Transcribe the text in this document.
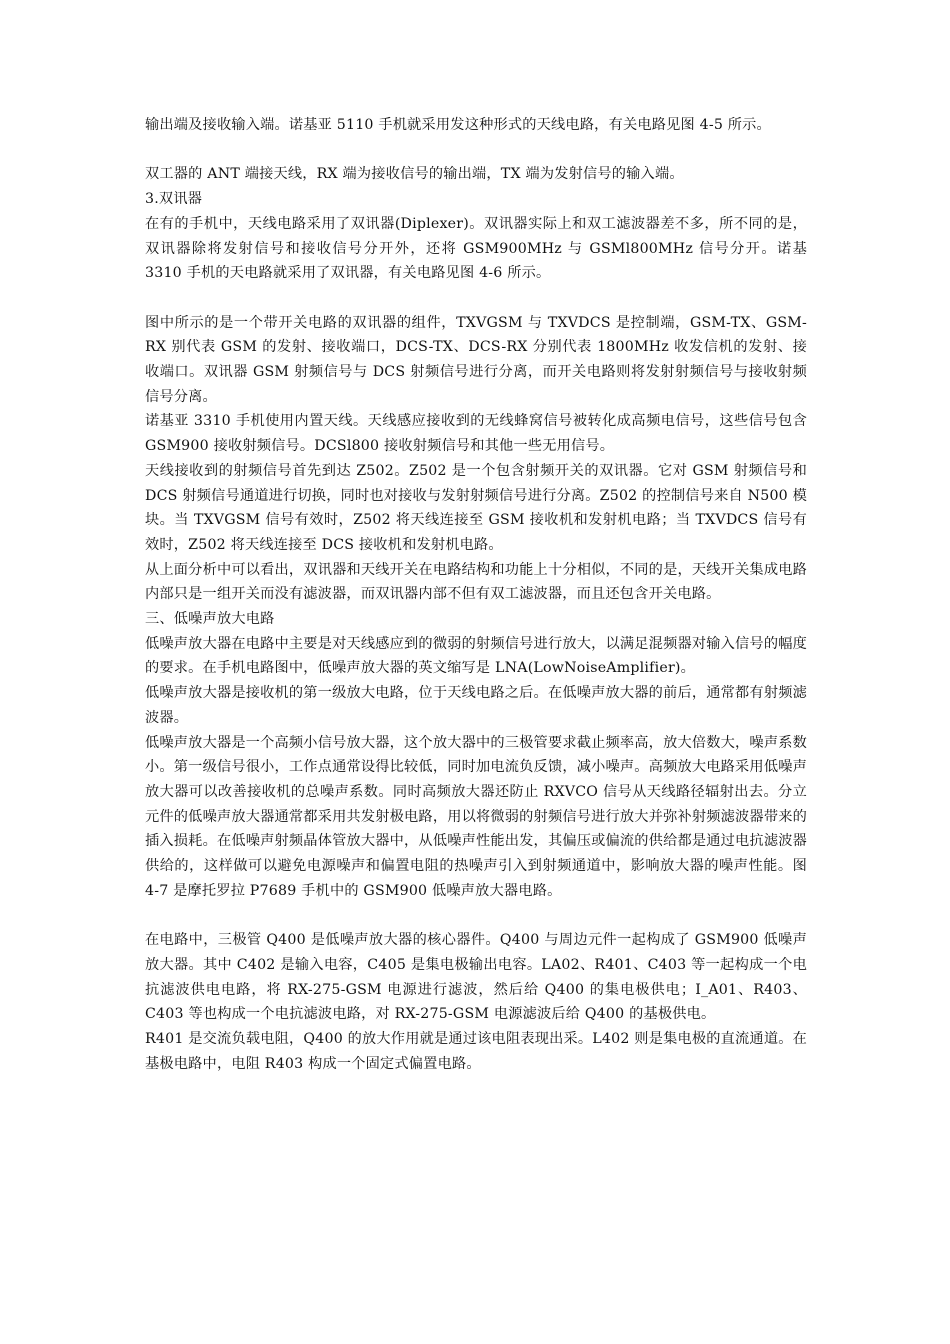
输出端及接收输入端。诺基亚 5110 手机就采用发这种形式的天线电路，有关电路见图 4-5 所示。

双工器的 ANT 端接天线，RX 端为接收信号的输出端，TX 端为发射信号的输入端。

3.双讯器

在有的手机中，天线电路采用了双讯器(Diplexer)。双讯器实际上和双工滤波器差不多，所不同的是，双讯器除将发射信号和接收信号分开外，还将 GSM900MHz 与 GSMl800MHz 信号分开。诺基 3310 手机的天电路就采用了双讯器，有关电路见图 4-6 所示。

图中所示的是一个带开关电路的双讯器的组件，TXVGSM 与 TXVDCS 是控制端，GSM-TX、GSM-RX 别代表 GSM 的发射、接收端口，DCS-TX、DCS-RX 分别代表 1800MHz 收发信机的发射、接收端口。双讯器 GSM 射频信号与 DCS 射频信号进行分离，而开关电路则将发射射频信号与接收射频信号分离。

诺基亚 3310 手机使用内置天线。天线感应接收到的无线蜂窝信号被转化成高频电信号，这些信号包含 GSM900 接收射频信号。DCSl800 接收射频信号和其他一些无用信号。

天线接收到的射频信号首先到达 Z502。Z502 是一个包含射频开关的双讯器。它对 GSM 射频信号和 DCS 射频信号通道进行切换，同时也对接收与发射射频信号进行分离。Z502 的控制信号来自 N500 模块。当 TXVGSM 信号有效时，Z502 将天线连接至 GSM 接收机和发射机电路；当 TXVDCS 信号有效时，Z502 将天线连接至 DCS 接收机和发射机电路。

从上面分析中可以看出，双讯器和天线开关在电路结构和功能上十分相似，不同的是，天线开关集成电路内部只是一组开关而没有滤波器，而双讯器内部不但有双工滤波器，而且还包含开关电路。

三、低噪声放大电路

低噪声放大器在电路中主要是对天线感应到的微弱的射频信号进行放大，以满足混频器对输入信号的幅度的要求。在手机电路图中，低噪声放大器的英文缩写是 LNA(LowNoiseAmplifier)。

低噪声放大器是接收机的第一级放大电路，位于天线电路之后。在低噪声放大器的前后，通常都有射频滤波器。

低噪声放大器是一个高频小信号放大器，这个放大器中的三极管要求截止频率高，放大倍数大，噪声系数小。第一级信号很小，工作点通常设得比较低，同时加电流负反馈，减小噪声。高频放大电路采用低噪声放大器可以改善接收机的总噪声系数。同时高频放大器还防止 RXVCO 信号从天线路径辐射出去。分立元件的低噪声放大器通常都采用共发射极电路，用以将微弱的射频信号进行放大并弥补射频滤波器带来的插入损耗。在低噪声射频晶体管放大器中，从低噪声性能出发，其偏压或偏流的供给都是通过电抗滤波器供给的，这样做可以避免电源噪声和偏置电阻的热噪声引入到射频通道中，影响放大器的噪声性能。图 4-7 是摩托罗拉 P7689 手机中的 GSM900 低噪声放大器电路。

在电路中，三极管 Q400 是低噪声放大器的核心器件。Q400 与周边元件一起构成了 GSM900 低噪声放大器。其中 C402 是输入电容，C405 是集电极输出电容。LA02、R401、C403 等一起构成一个电抗滤波供电电路，将 RX-275-GSM 电源进行滤波，然后给 Q400 的集电极供电；I_A01、R403、C403 等也构成一个电抗滤波电路，对 RX-275-GSM 电源滤波后给 Q400 的基极供电。

R401 是交流负载电阻，Q400 的放大作用就是通过该电阻表现出采。L402 则是集电极的直流通道。在基极电路中，电阻 R403 构成一个固定式偏置电路。
